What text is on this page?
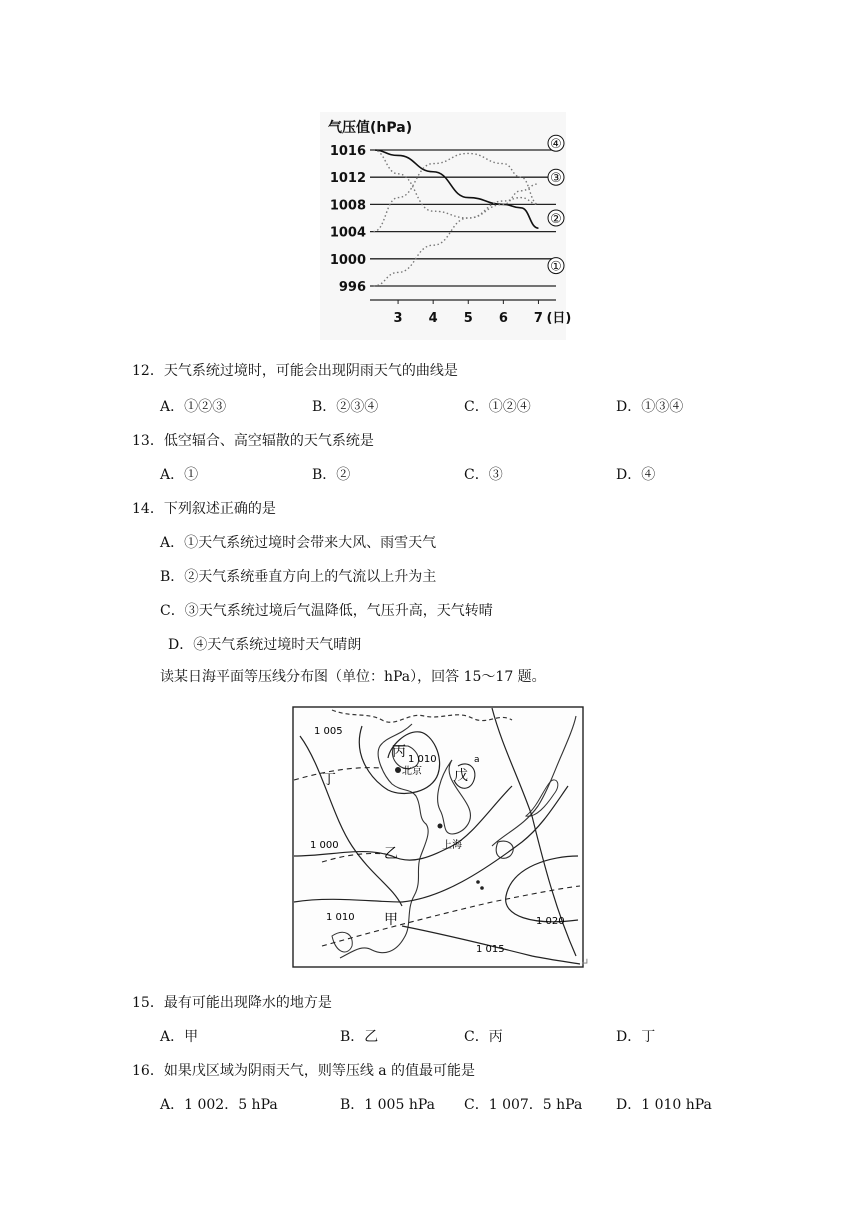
气压值(hPa)
1016
1012
1008
1004
1000
996
3 4 5 6 7 (日)
①
②
③
④
12．天气系统过境时，可能会出现阴雨天气的曲线是
A．①②③	B．②③④	C．①②④	D．①③④
13．低空辐合、高空辐散的天气系统是
A．①	B．②	C．③	D．④
14．下列叙述正确的是
A．①天气系统过境时会带来大风、雨雪天气
B．②天气系统垂直方向上的气流以上升为主
C．③天气系统过境后气温降低，气压升高，天气转晴
D．④天气系统过境时天气晴朗
读某日海平面等压线分布图（单位：hPa），回答 15～17 题。
1 005
1 010
1 000
1 010	1 020
1 015
丙
丁	戊
乙
甲
北京
上海
a
↵
15．最有可能出现降水的地方是
A．甲	B．乙	C．丙	D．丁
16．如果戊区域为阴雨天气，则等压线 a 的值最可能是
A．1 002．5 hPa	B．1 005 hPa C．1 007．5 hPa D．1 010 hPa
